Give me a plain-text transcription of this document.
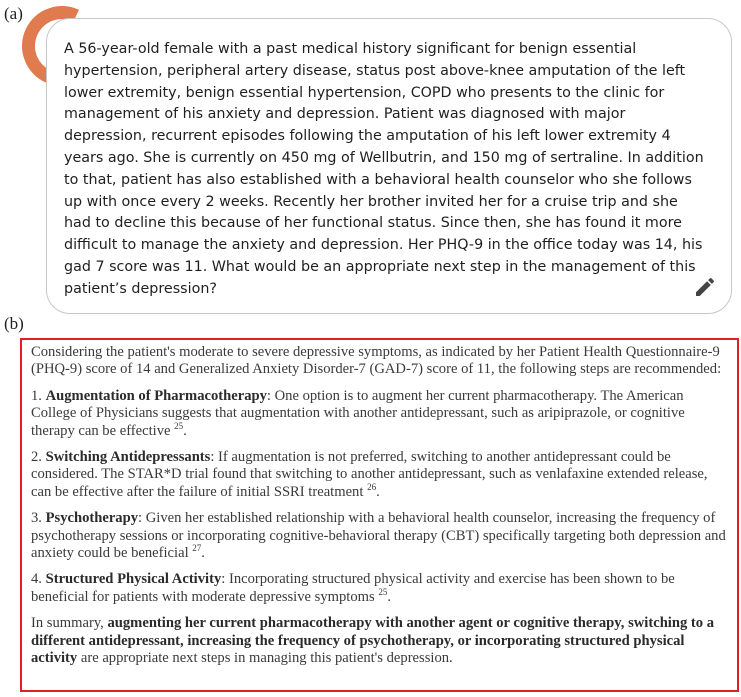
(a)

A 56-year-old female with a past medical history significant for benign essential hypertension, peripheral artery disease, status post above-knee amputation of the left lower extremity, benign essential hypertension, COPD who presents to the clinic for management of his anxiety and depression. Patient was diagnosed with major depression, recurrent episodes following the amputation of his left lower extremity 4 years ago. She is currently on 450 mg of Wellbutrin, and 150 mg of sertraline. In addition to that, patient has also established with a behavioral health counselor who she follows up with once every 2 weeks. Recently her brother invited her for a cruise trip and she had to decline this because of her functional status. Since then, she has found it more difficult to manage the anxiety and depression. Her PHQ-9 in the office today was 14, his gad 7 score was 11. What would be an appropriate next step in the management of this patient’s depression?

(b)

Considering the patient's moderate to severe depressive symptoms, as indicated by her Patient Health Questionnaire-9 (PHQ-9) score of 14 and Generalized Anxiety Disorder-7 (GAD-7) score of 11, the following steps are recommended:

1. Augmentation of Pharmacotherapy: One option is to augment her current pharmacotherapy. The American College of Physicians suggests that augmentation with another antidepressant, such as aripiprazole, or cognitive therapy can be effective $^{25}$.

2. Switching Antidepressants: If augmentation is not preferred, switching to another antidepressant could be considered. The STAR*D trial found that switching to another antidepressant, such as venlafaxine extended release, can be effective after the failure of initial SSRI treatment $^{26}$.

3. Psychotherapy: Given her established relationship with a behavioral health counselor, increasing the frequency of psychotherapy sessions or incorporating cognitive-behavioral therapy (CBT) specifically targeting both depression and anxiety could be beneficial $^{27}$.

4. Structured Physical Activity: Incorporating structured physical activity and exercise has been shown to be beneficial for patients with moderate depressive symptoms $^{25}$.

In summary, augmenting her current pharmacotherapy with another agent or cognitive therapy, switching to a different antidepressant, increasing the frequency of psychotherapy, or incorporating structured physical activity are appropriate next steps in managing this patient's depression.
